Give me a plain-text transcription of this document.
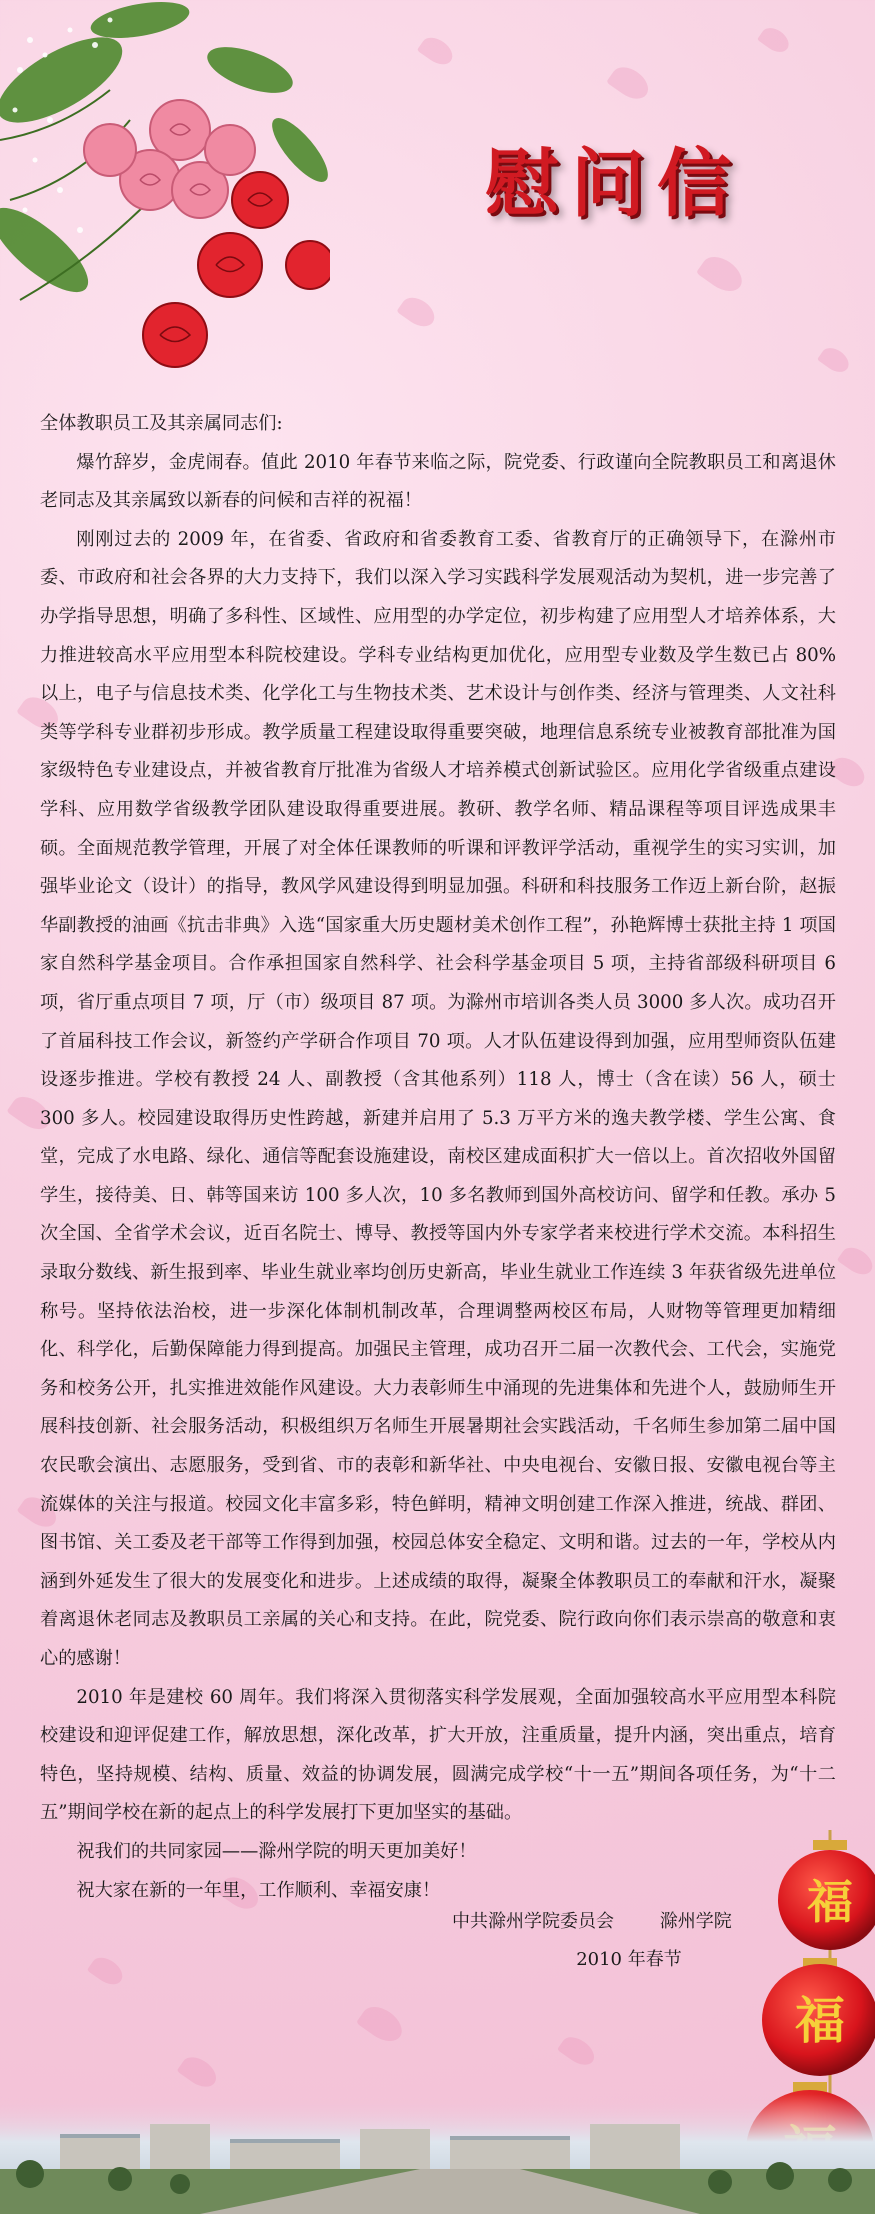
慰问信

全体教职员工及其亲属同志们:

爆竹辞岁，金虎闹春。值此 2010 年春节来临之际，院党委、行政谨向全院教职员工和离退休老同志及其亲属致以新春的问候和吉祥的祝福！

刚刚过去的 2009 年，在省委、省政府和省委教育工委、省教育厅的正确领导下，在滁州市委、市政府和社会各界的大力支持下，我们以深入学习实践科学发展观活动为契机，进一步完善了办学指导思想，明确了多科性、区域性、应用型的办学定位，初步构建了应用型人才培养体系，大力推进较高水平应用型本科院校建设。学科专业结构更加优化，应用型专业数及学生数已占 80% 以上，电子与信息技术类、化学化工与生物技术类、艺术设计与创作类、经济与管理类、人文社科类等学科专业群初步形成。教学质量工程建设取得重要突破，地理信息系统专业被教育部批准为国家级特色专业建设点，并被省教育厅批准为省级人才培养模式创新试验区。应用化学省级重点建设学科、应用数学省级教学团队建设取得重要进展。教研、教学名师、精品课程等项目评选成果丰硕。全面规范教学管理，开展了对全体任课教师的听课和评教评学活动，重视学生的实习实训，加强毕业论文（设计）的指导，教风学风建设得到明显加强。科研和科技服务工作迈上新台阶，赵振华副教授的油画《抗击非典》入选“国家重大历史题材美术创作工程”，孙艳辉博士获批主持 1 项国家自然科学基金项目。合作承担国家自然科学、社会科学基金项目 5 项，主持省部级科研项目 6 项，省厅重点项目 7 项，厅（市）级项目 87 项。为滁州市培训各类人员 3000 多人次。成功召开了首届科技工作会议，新签约产学研合作项目 70 项。人才队伍建设得到加强，应用型师资队伍建设逐步推进。学校有教授 24 人、副教授（含其他系列）118 人，博士（含在读）56 人，硕士 300 多人。校园建设取得历史性跨越，新建并启用了 5.3 万平方米的逸夫教学楼、学生公寓、食堂，完成了水电路、绿化、通信等配套设施建设，南校区建成面积扩大一倍以上。首次招收外国留学生，接待美、日、韩等国来访 100 多人次，10 多名教师到国外高校访问、留学和任教。承办 5 次全国、全省学术会议，近百名院士、博导、教授等国内外专家学者来校进行学术交流。本科招生录取分数线、新生报到率、毕业生就业率均创历史新高，毕业生就业工作连续 3 年获省级先进单位称号。坚持依法治校，进一步深化体制机制改革，合理调整两校区布局，人财物等管理更加精细化、科学化，后勤保障能力得到提高。加强民主管理，成功召开二届一次教代会、工代会，实施党务和校务公开，扎实推进效能作风建设。大力表彰师生中涌现的先进集体和先进个人，鼓励师生开展科技创新、社会服务活动，积极组织万名师生开展暑期社会实践活动，千名师生参加第二届中国农民歌会演出、志愿服务，受到省、市的表彰和新华社、中央电视台、安徽日报、安徽电视台等主流媒体的关注与报道。校园文化丰富多彩，特色鲜明，精神文明创建工作深入推进，统战、群团、图书馆、关工委及老干部等工作得到加强，校园总体安全稳定、文明和谐。过去的一年，学校从内涵到外延发生了很大的发展变化和进步。上述成绩的取得，凝聚全体教职员工的奉献和汗水，凝聚着离退休老同志及教职员工亲属的关心和支持。在此，院党委、院行政向你们表示崇高的敬意和衷心的感谢！

2010 年是建校 60 周年。我们将深入贯彻落实科学发展观，全面加强较高水平应用型本科院校建设和迎评促建工作，解放思想，深化改革，扩大开放，注重质量，提升内涵，突出重点，培育特色，坚持规模、结构、质量、效益的协调发展，圆满完成学校“十一五”期间各项任务，为“十二五”期间学校在新的起点上的科学发展打下更加坚实的基础。

祝我们的共同家园——滁州学院的明天更加美好！

祝大家在新的一年里，工作顺利、幸福安康！

中共滁州学院委员会	滁州学院
2010 年春节
福
福
